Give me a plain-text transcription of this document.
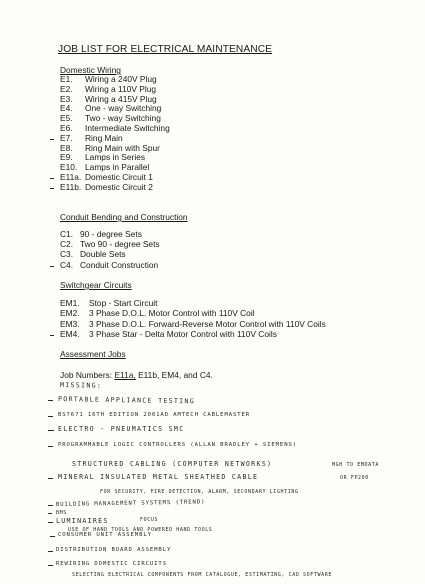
JOB LIST FOR ELECTRICAL MAINTENANCE
Domestic Wiring
E1. Wiring a 240V Plug
E2. Wiring a 110V Plug
E3. Wiring a 415V Plug
E4. One - way Switching
E5. Two - way Switching
E6. Intermediate Switching
E7. Ring Main
E8. Ring Main with Spur
E9. Lamps in Series
E10. Lamps in Parallel
E11a. Domestic Circuit 1
E11b. Domestic Circuit 2
Conduit Bending and Construction
C1. 90 - degree Sets
C2. Two 90 - degree Sets
C3. Double Sets
C4. Conduit Construction
Switchgear Circuits
EM1. Stop - Start Circuit
EM2. 3 Phase D.O.L. Motor Control with 110V Coil
EM3. 3 Phase D.O.L. Forward-Reverse Motor Control with 110V Coils
EM4. 3 Phase Star - Delta Motor Control with 110V Coils
Assessment Jobs
Job Numbers: E11a, E11b, EM4, and C4.
MISSING:
PORTABLE APPLIANCE TESTING
BS7671 16TH EDITION 2001AD AMTECH CABLEMASTER
ELECTRO - PNEUMATICS SMC
PROGRAMMABLE LOGIC CONTROLLERS (ALLAN BRADLEY + SIEMENS)
STRUCTURED CABLING (COMPUTER NETWORKS)	MGH TO EMDATA
MINERAL INSULATED METAL SHEATHED CABLE	OR FP200
FOR SECURITY, FIRE DETECTION, ALARM, SECONDARY LIGHTING
BUILDING MANAGEMENT SYSTEMS (TREND)
BMS
LUMINAIRES	FOCUS
USE OF HAND TOOLS AND POWERED HAND TOOLS
CONSUMER UNIT ASSEMBLY
DISTRIBUTION BOARD ASSEMBLY
REWIRING DOMESTIC CIRCUITS
SELECTING ELECTRICAL COMPONENTS FROM CATALOGUE, ESTIMATING, CAD SOFTWARE
